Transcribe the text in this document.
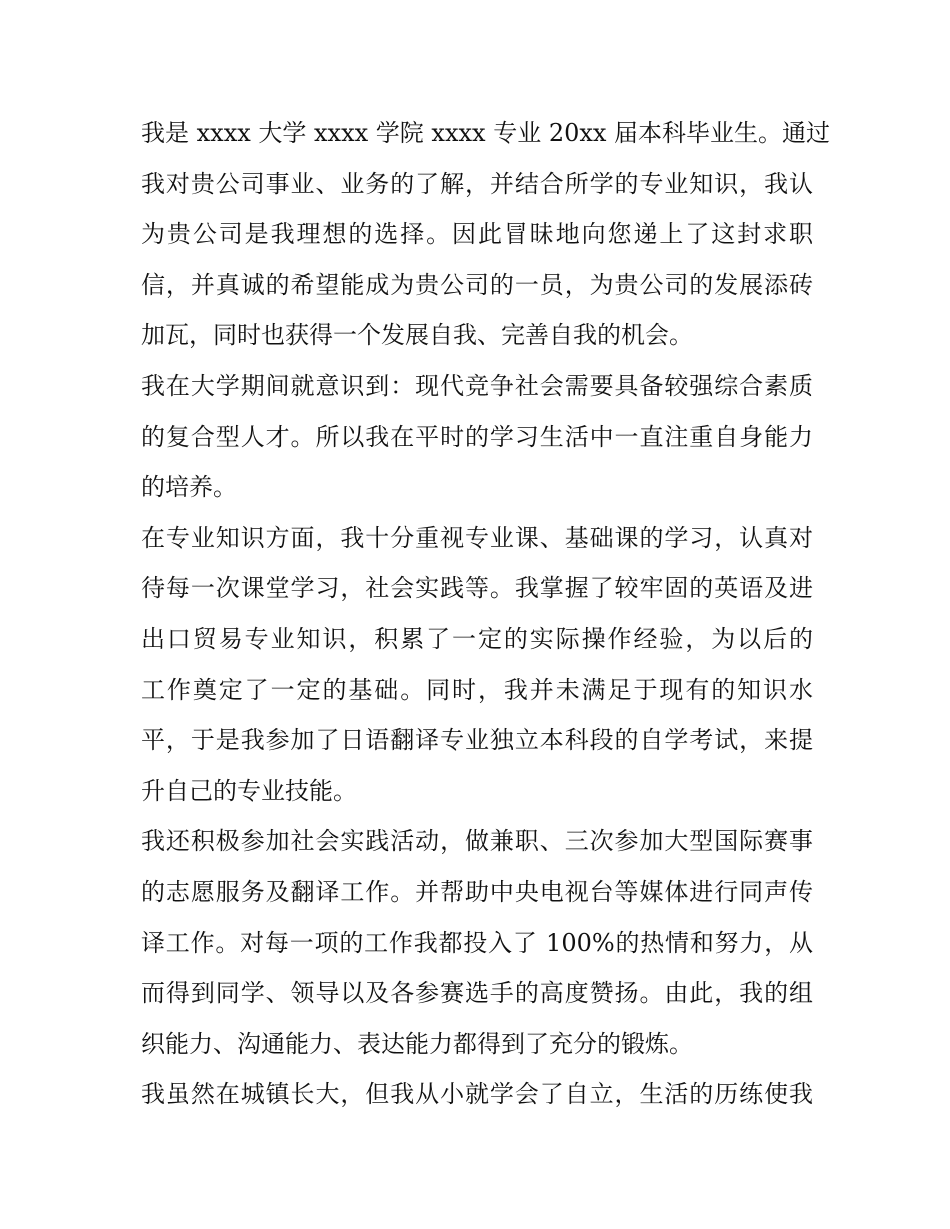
我是 xxxx 大学 xxxx 学院 xxxx 专业 20xx 届本科毕业生。通过
我对贵公司事业、业务的了解，并结合所学的专业知识，我认
为贵公司是我理想的选择。因此冒昧地向您递上了这封求职
信，并真诚的希望能成为贵公司的一员，为贵公司的发展添砖
加瓦，同时也获得一个发展自我、完善自我的机会。
我在大学期间就意识到：现代竞争社会需要具备较强综合素质
的复合型人才。所以我在平时的学习生活中一直注重自身能力
的培养。
在专业知识方面，我十分重视专业课、基础课的学习，认真对
待每一次课堂学习，社会实践等。我掌握了较牢固的英语及进
出口贸易专业知识，积累了一定的实际操作经验，为以后的
工作奠定了一定的基础。同时，我并未满足于现有的知识水
平，于是我参加了日语翻译专业独立本科段的自学考试，来提
升自己的专业技能。
我还积极参加社会实践活动，做兼职、三次参加大型国际赛事
的志愿服务及翻译工作。并帮助中央电视台等媒体进行同声传
译工作。对每一项的工作我都投入了 100%的热情和努力，从
而得到同学、领导以及各参赛选手的高度赞扬。由此，我的组
织能力、沟通能力、表达能力都得到了充分的锻炼。
我虽然在城镇长大，但我从小就学会了自立，生活的历练使我
